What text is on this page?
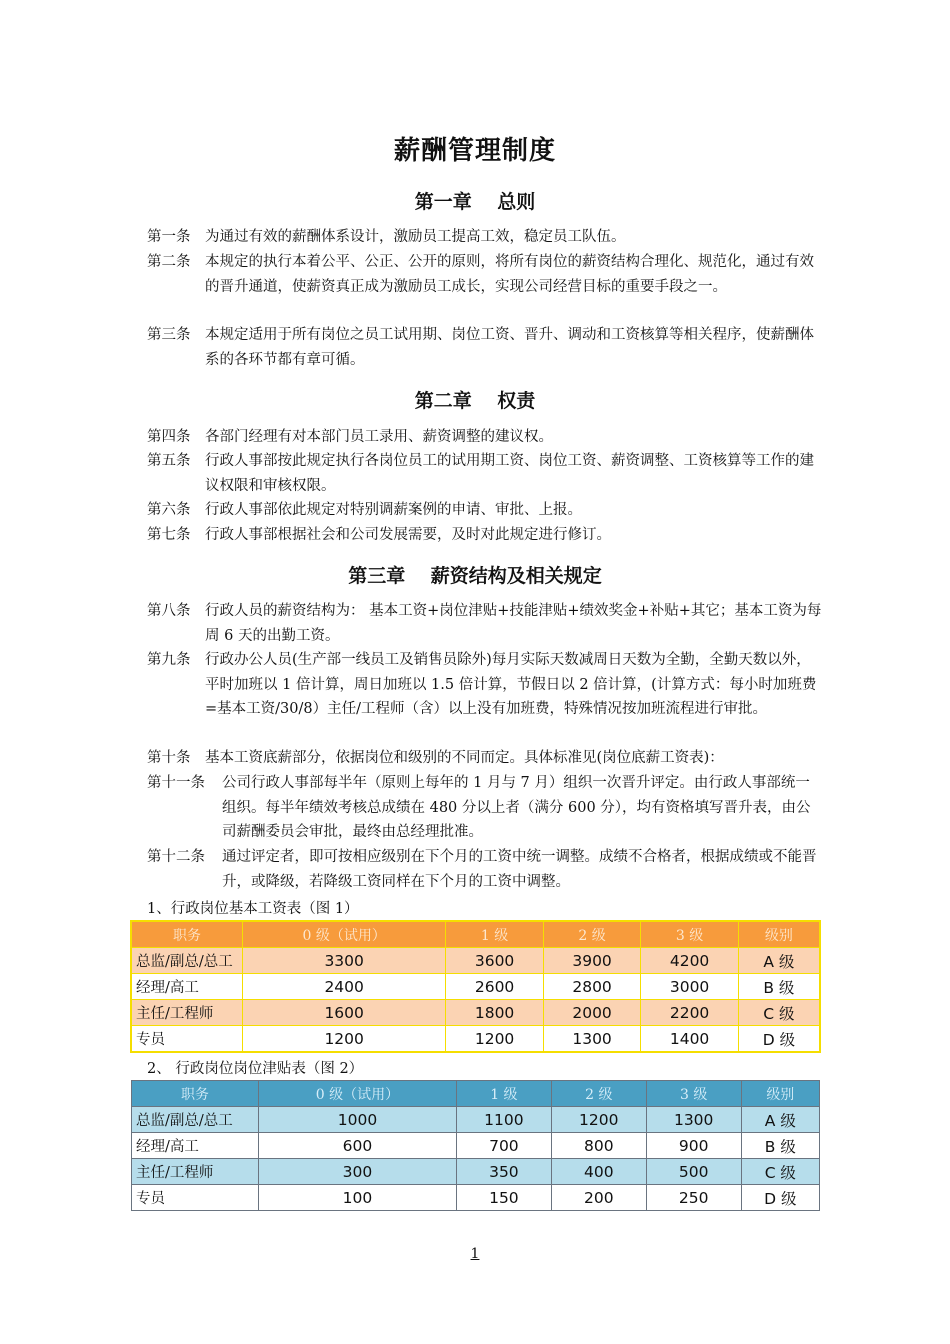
薪酬管理制度
第一章　 总则
第一条	为通过有效的薪酬体系设计，激励员工提高工效，稳定员工队伍。
第二条	本规定的执行本着公平、公正、公开的原则，将所有岗位的薪资结构合理化、规范化，通过有效的晋升通道，使薪资真正成为激励员工成长，实现公司经营目标的重要手段之一。
第三条	本规定适用于所有岗位之员工试用期、岗位工资、晋升、调动和工资核算等相关程序，使薪酬体系的各环节都有章可循。
第二章　 权责
第四条	各部门经理有对本部门员工录用、薪资调整的建议权。
第五条	行政人事部按此规定执行各岗位员工的试用期工资、岗位工资、薪资调整、工资核算等工作的建议权限和审核权限。
第六条	行政人事部依此规定对特别调薪案例的申请、审批、上报。
第七条	行政人事部根据社会和公司发展需要，及时对此规定进行修订。
第三章　 薪资结构及相关规定
第八条	行政人员的薪资结构为： 基本工资+岗位津贴+技能津贴+绩效奖金+补贴+其它；基本工资为每周 6 天的出勤工资。
第九条	行政办公人员(生产部一线员工及销售员除外)每月实际天数减周日天数为全勤，全勤天数以外，平时加班以 1 倍计算，周日加班以 1.5 倍计算，节假日以 2 倍计算，(计算方式：每小时加班费=基本工资/30/8）主任/工程师（含）以上没有加班费，特殊情况按加班流程进行审批。
第十条	基本工资底薪部分，依据岗位和级别的不同而定。具体标准见(岗位底薪工资表)：
第十一条	公司行政人事部每半年（原则上每年的 1 月与 7 月）组织一次晋升评定。由行政人事部统一组织。每半年绩效考核总成绩在 480 分以上者（满分 600 分），均有资格填写晋升表，由公司薪酬委员会审批，最终由总经理批准。
第十二条	通过评定者，即可按相应级别在下个月的工资中统一调整。成绩不合格者，根据成绩或不能晋升，或降级，若降级工资同样在下个月的工资中调整。
1、行政岗位基本工资表（图 1）
职务	0 级（试用）	1 级	2 级	3 级	级别
总监/副总/总工	3300	3600	3900	4200	A 级
经理/高工	2400	2600	2800	3000	B 级
主任/工程师	1600	1800	2000	2200	C 级
专员	1200	1200	1300	1400	D 级
2、 行政岗位岗位津贴表（图 2）
职务	0 级（试用）	1 级	2 级	3 级	级别
总监/副总/总工	1000	1100	1200	1300	A 级
经理/高工	600	700	800	900	B 级
主任/工程师	300	350	400	500	C 级
专员	100	150	200	250	D 级
1
